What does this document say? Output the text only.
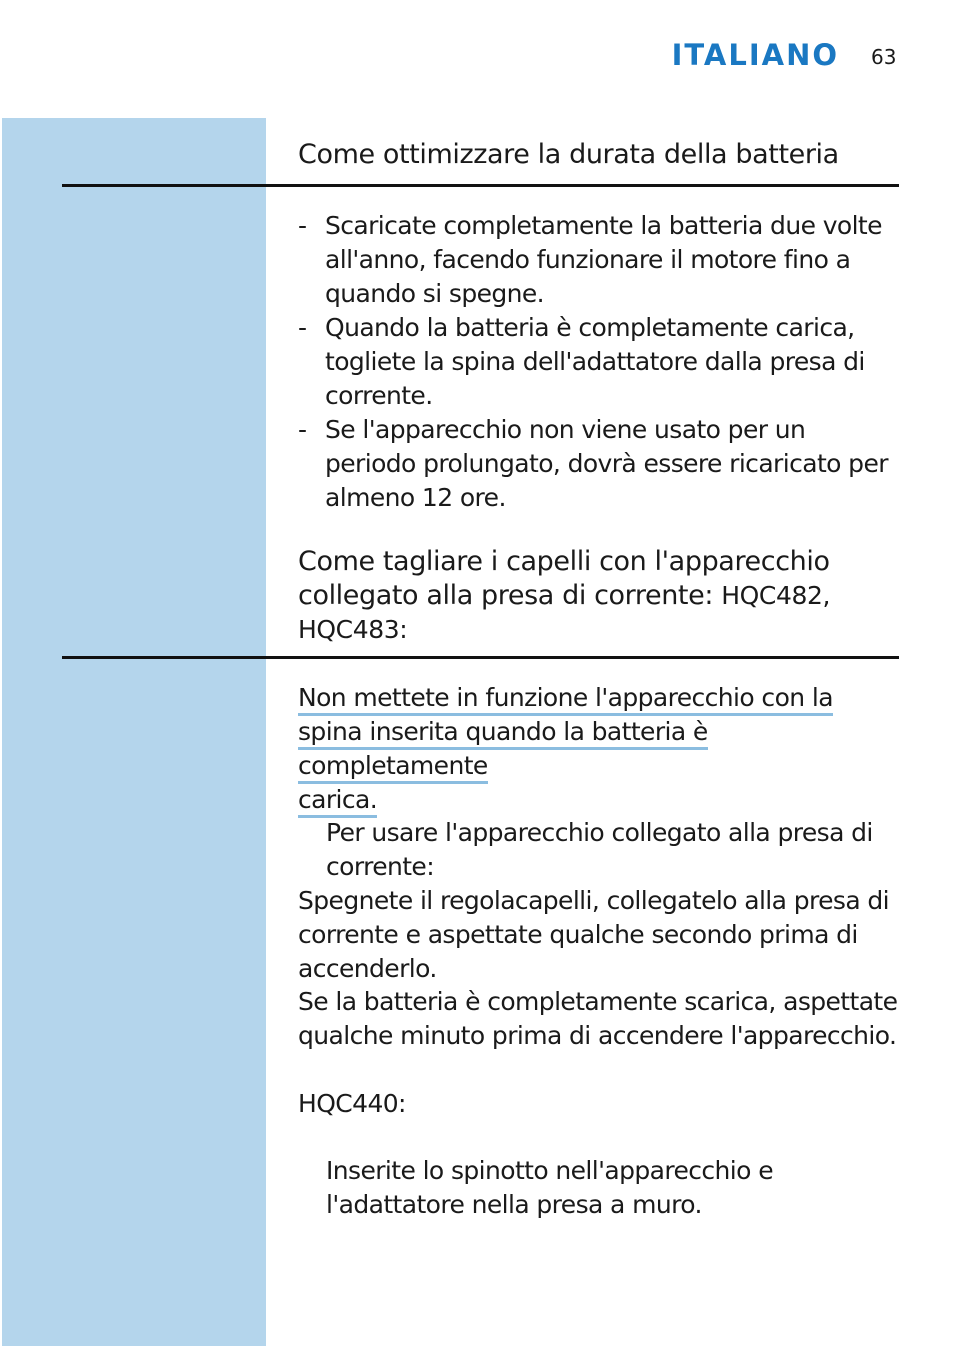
ITALIANO 63
Come ottimizzare la durata della batteria
- Scaricate completamente la batteria due volte all'anno, facendo funzionare il motore fino a quando si spegne.
- Quando la batteria è completamente carica, togliete la spina dell'adattatore dalla presa di corrente.
- Se l'apparecchio non viene usato per un periodo prolungato, dovrà essere ricaricato per almeno 12 ore.
Come tagliare i capelli con l'apparecchio collegato alla presa di corrente: HQC482, HQC483:
Non mettete in funzione l'apparecchio con la
spina inserita quando la batteria è completamente
carica.
Per usare l'apparecchio collegato alla presa di corrente:
Spegnete il regolacapelli, collegatelo alla presa di corrente e aspettate qualche secondo prima di accenderlo.
Se la batteria è completamente scarica, aspettate qualche minuto prima di accendere l'apparecchio.
HQC440:
Inserite lo spinotto nell'apparecchio e l'adattatore nella presa a muro.
